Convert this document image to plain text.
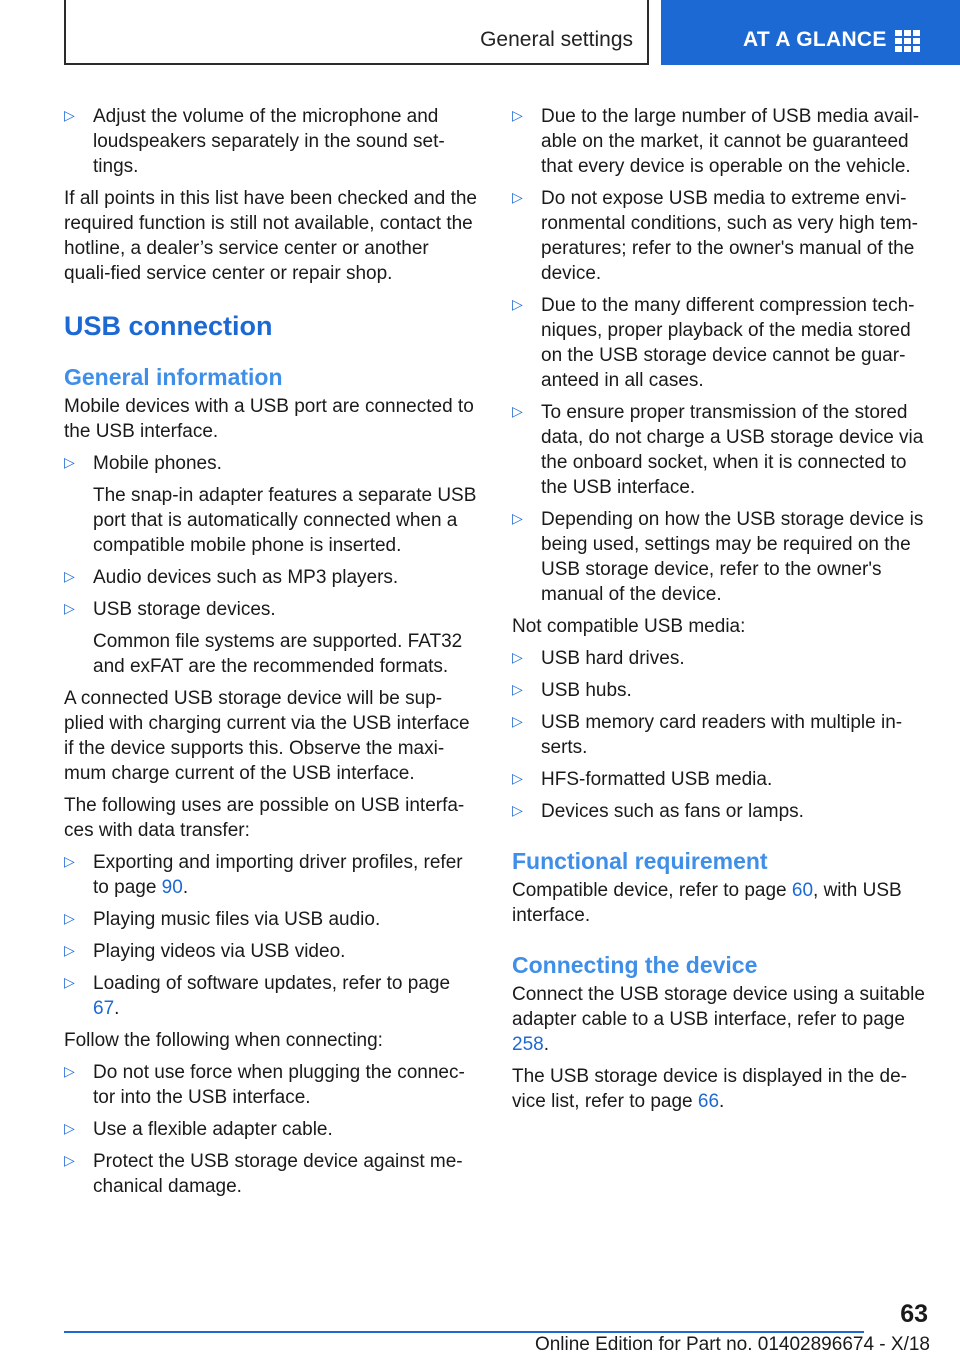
General settings	AT A GLANCE
▷ Adjust the volume of the microphone and loudspeakers separately in the sound set-tings.
If all points in this list have been checked and the required function is still not available, contact the hotline, a dealer’s service center or another quali-fied service center or repair shop.
USB connection
General information
Mobile devices with a USB port are connected to the USB interface.
▷ Mobile phones.
The snap-in adapter features a separate USB port that is automatically connected when a compatible mobile phone is inserted.
▷ Audio devices such as MP3 players.
▷ USB storage devices.
Common file systems are supported. FAT32 and exFAT are the recommended formats.
A connected USB storage device will be sup-plied with charging current via the USB interface if the device supports this. Observe the maxi-mum charge current of the USB interface.
The following uses are possible on USB interfa-ces with data transfer:
▷ Exporting and importing driver profiles, refer to page 90.
▷ Playing music files via USB audio.
▷ Playing videos via USB video.
▷ Loading of software updates, refer to page 67.
Follow the following when connecting:
▷ Do not use force when plugging the connec-tor into the USB interface.
▷ Use a flexible adapter cable.
▷ Protect the USB storage device against me-chanical damage.
▷ Due to the large number of USB media avail-able on the market, it cannot be guaranteed that every device is operable on the vehicle.
▷ Do not expose USB media to extreme envi-ronmental conditions, such as very high tem-peratures; refer to the owner's manual of the device.
▷ Due to the many different compression tech-niques, proper playback of the media stored on the USB storage device cannot be guar-anteed in all cases.
▷ To ensure proper transmission of the stored data, do not charge a USB storage device via the onboard socket, when it is connected to the USB interface.
▷ Depending on how the USB storage device is being used, settings may be required on the USB storage device, refer to the owner's manual of the device.
Not compatible USB media:
▷ USB hard drives.
▷ USB hubs.
▷ USB memory card readers with multiple in-serts.
▷ HFS-formatted USB media.
▷ Devices such as fans or lamps.
Functional requirement
Compatible device, refer to page 60, with USB interface.
Connecting the device
Connect the USB storage device using a suitable adapter cable to a USB interface, refer to page 258.
The USB storage device is displayed in the de-vice list, refer to page 66.
63
Online Edition for Part no. 01402896674 - X/18
